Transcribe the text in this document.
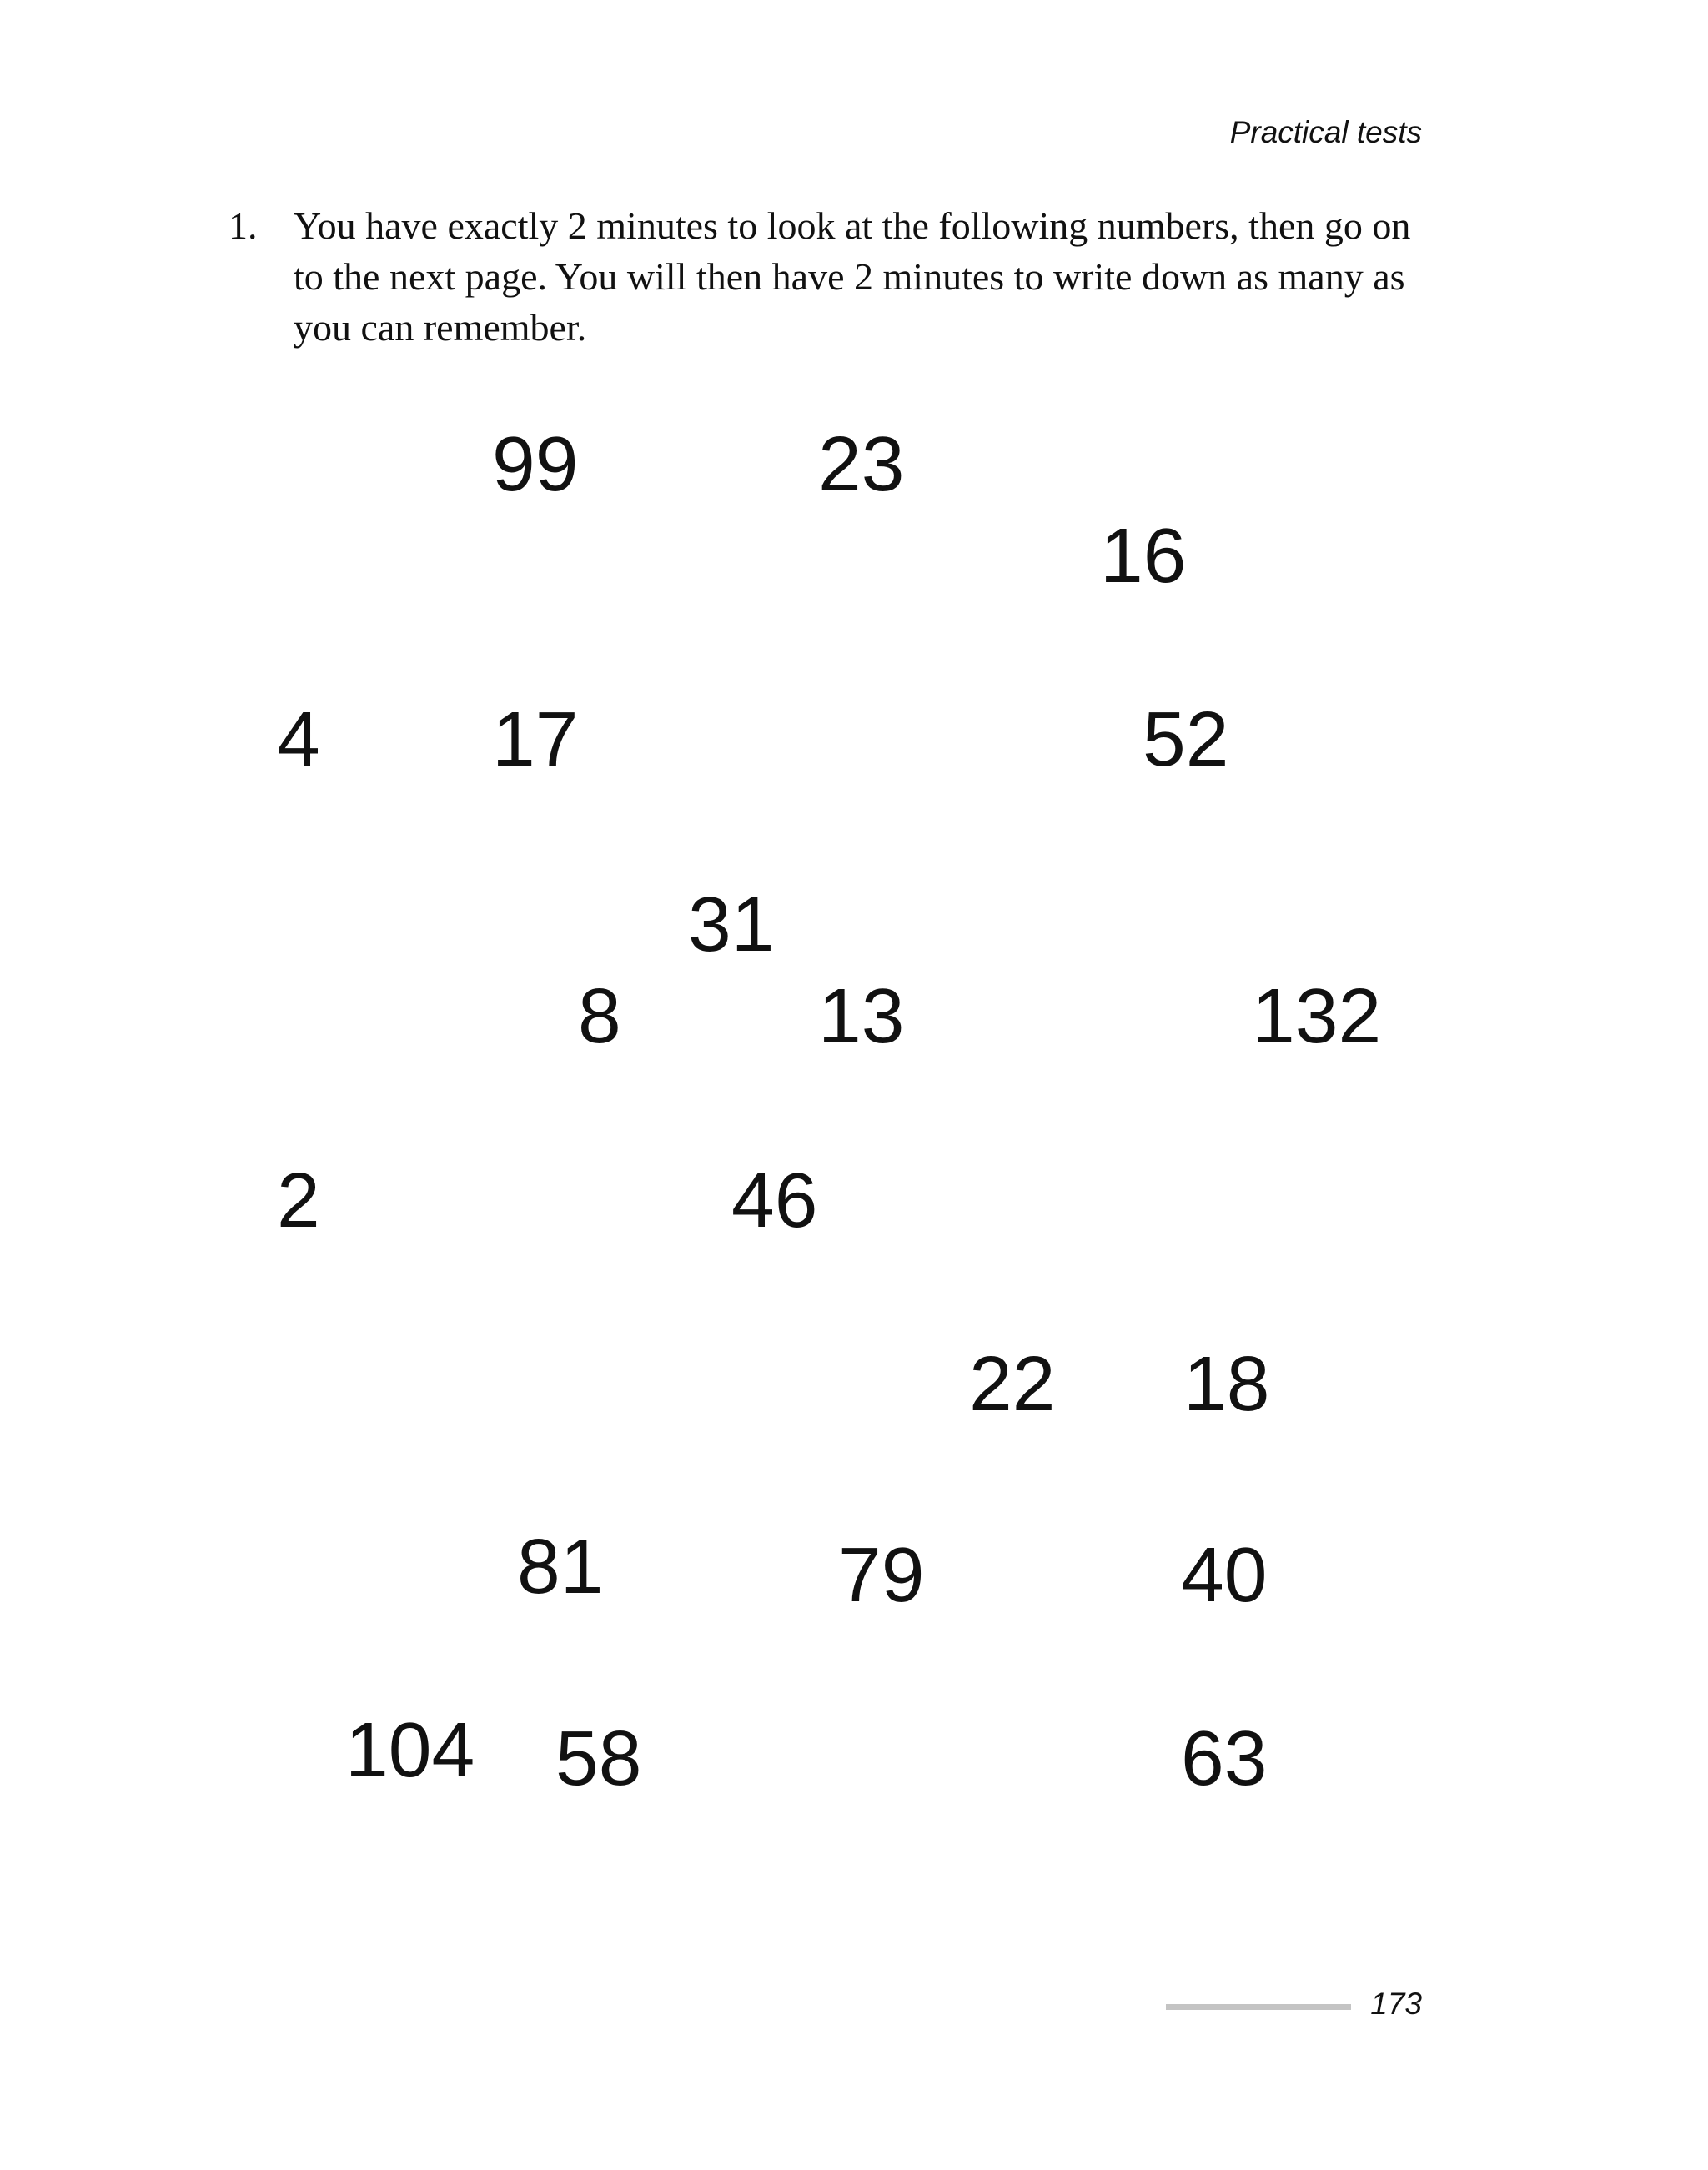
Practical tests
1. You have exactly 2 minutes to look at the following numbers, then go on to the next page. You will then have 2 minutes to write down as many as you can remember.
99	23
16
4 17	52
31
8	13	132
2	46
22 18
81	79	40
104 58	63
173
